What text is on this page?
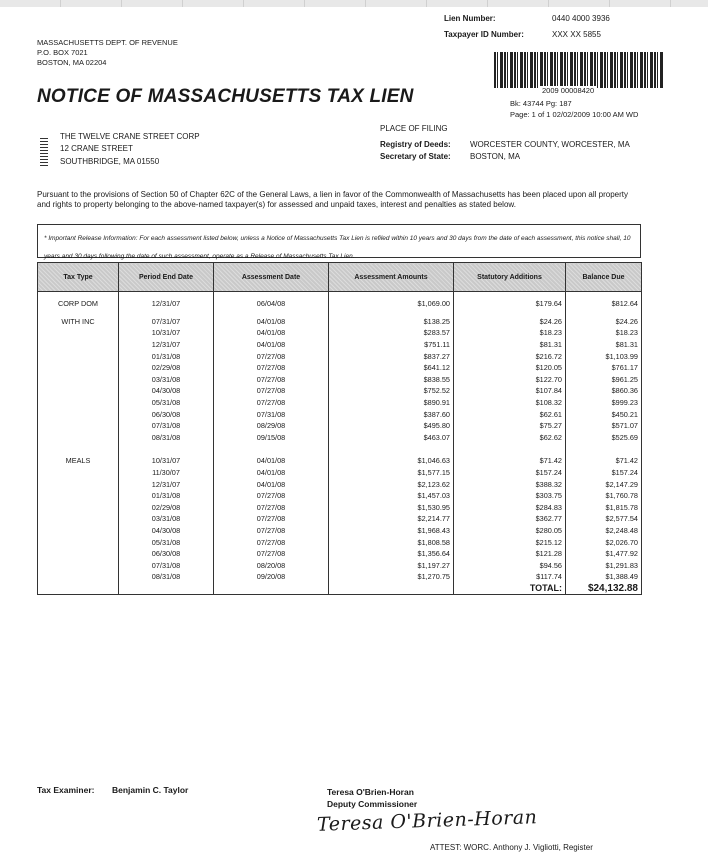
Lien Number:	0440 4000 3936
Taxpayer ID Number:	XXX XX 5855
MASSACHUSETTS DEPT. OF REVENUE
P.O. BOX 7021
BOSTON, MA 02204
2009 00008420
Bk: 43744 Pg: 187
Page: 1 of 1 02/02/2009 10:00 AM WD
NOTICE OF MASSACHUSETTS TAX LIEN
THE TWELVE CRANE STREET CORP
12 CRANE STREET
SOUTHBRIDGE, MA 01550
PLACE OF FILING
Registry of Deeds: WORCESTER COUNTY, WORCESTER, MA
Secretary of State: BOSTON, MA
Pursuant to the provisions of Section 50 of Chapter 62C of the General Laws, a lien in favor of the Commonwealth of Massachusetts has been placed upon all property and rights to property belonging to the above-named taxpayer(s) for assessed and unpaid taxes, interest and penalties as stated below.
* Important Release Information: For each assessment listed below, unless a Notice of Massachusetts Tax Lien is refiled within 10 years and 30 days from the date of each assessment, this notice shall, 10 years and 30 days following the date of such assessment, operate as a Release of Massachusetts Tax Lien.
Tax Type	Period End Date	Assessment Date	Assessment Amounts	Statutory Additions	Balance Due

CORP DOM	12/31/07	06/04/08	$1,069.00	$179.64	$812.64

WITH INC	07/31/07	04/01/08	$138.25	$24.26	$24.26
	10/31/07	04/01/08	$283.57	$18.23	$18.23
	12/31/07	04/01/08	$751.11	$81.31	$81.31
	01/31/08	07/27/08	$837.27	$216.72	$1,103.99
	02/29/08	07/27/08	$641.12	$120.05	$761.17
	03/31/08	07/27/08	$838.55	$122.70	$961.25
	04/30/08	07/27/08	$752.52	$107.84	$860.36
	05/31/08	07/27/08	$890.91	$108.32	$999.23
	06/30/08	07/31/08	$387.60	$62.61	$450.21
	07/31/08	08/29/08	$495.80	$75.27	$571.07
	08/31/08	09/15/08	$463.07	$62.62	$525.69

MEALS	10/31/07	04/01/08	$1,046.63	$71.42	$71.42
	11/30/07	04/01/08	$1,577.15	$157.24	$157.24
	12/31/07	04/01/08	$2,123.62	$388.32	$2,147.29
	01/31/08	07/27/08	$1,457.03	$303.75	$1,760.78
	02/29/08	07/27/08	$1,530.95	$284.83	$1,815.78
	03/31/08	07/27/08	$2,214.77	$362.77	$2,577.54
	04/30/08	07/27/08	$1,968.43	$280.05	$2,248.48
	05/31/08	07/27/08	$1,808.58	$215.12	$2,026.70
	06/30/08	07/27/08	$1,356.64	$121.28	$1,477.92
	07/31/08	08/20/08	$1,197.27	$94.56	$1,291.83
	08/31/08	09/20/08	$1,270.75	$117.74	$1,388.49
				TOTAL:	$24,132.88
Tax Examiner: Benjamin C. Taylor	Teresa O'Brien-Horan
Deputy Commissioner
Teresa O'Brien-Horan
ATTEST: WORC. Anthony J. Vigliotti, Register
